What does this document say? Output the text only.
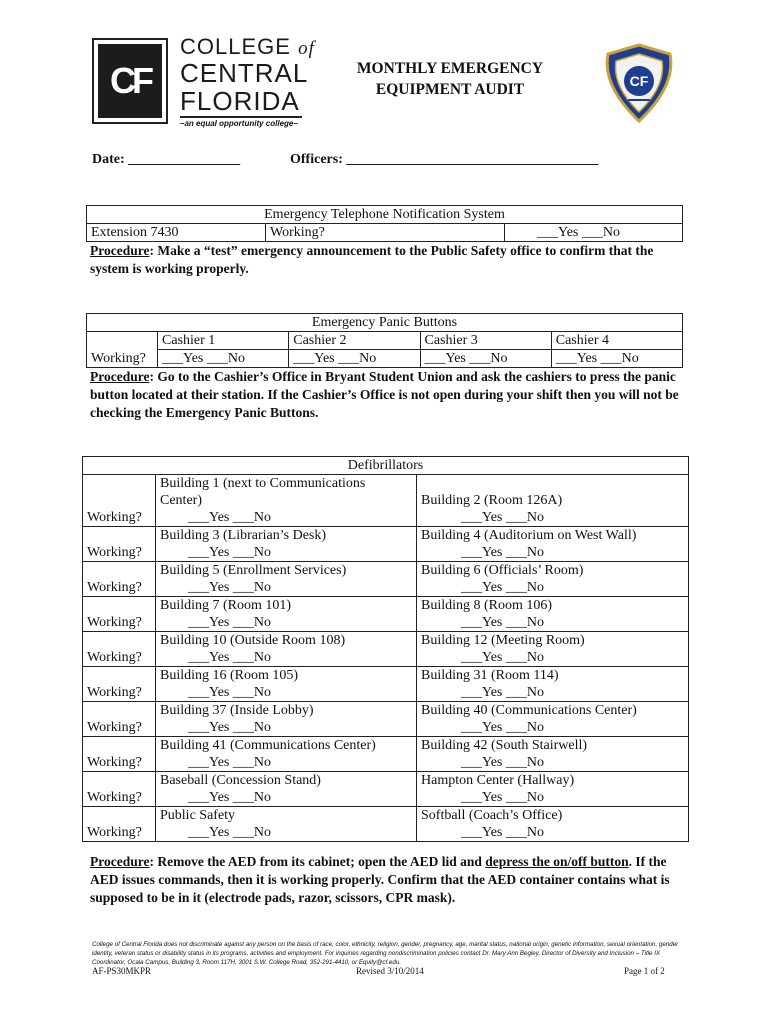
CF
COLLEGE of
CENTRAL
FLORIDA
–an equal opportunity college–
MONTHLY EMERGENCY
EQUIPMENT AUDIT	CF
Date: ________________	Officers: ____________________________________
Emergency Telephone Notification System
Extension 7430	Working?	___Yes ___No
Procedure: Make a “test” emergency announcement to the Public Safety office to confirm that the system is working properly.
Emergency Panic Buttons				
	Cashier 1	Cashier 2	Cashier 3	Cashier 4
Working?	___Yes ___No	___Yes ___No	___Yes ___No	___Yes ___No
Procedure: Go to the Cashier’s Office in Bryant Student Union and ask the cashiers to press the panic button located at their station. If the Cashier’s Office is not open during your shift then you will not be checking the Emergency Panic Buttons.
Defibrillators		

	Building 1 (next to Communications
Center)	Building 2 (Room 126A)
Working?	___Yes ___No	___Yes ___No

	Building 3 (Librarian’s Desk)	Building 4 (Auditorium on West Wall)
Working?	___Yes ___No	___Yes ___No

	Building 5 (Enrollment Services)	Building 6 (Officials’ Room)
Working?	___Yes ___No	___Yes ___No

	Building 7 (Room 101)	Building 8 (Room 106)
Working?	___Yes ___No	___Yes ___No

	Building 10 (Outside Room 108)	Building 12 (Meeting Room)
Working?	___Yes ___No	___Yes ___No

	Building 16 (Room 105)	Building 31 (Room 114)
Working?	___Yes ___No	___Yes ___No

	Building 37 (Inside Lobby)	Building 40 (Communications Center)
Working?	___Yes ___No	___Yes ___No

	Building 41 (Communications Center)	Building 42 (South Stairwell)
Working?	___Yes ___No	___Yes ___No

	Baseball (Concession Stand)	Hampton Center (Hallway)
Working?	___Yes ___No	___Yes ___No

	Public Safety	Softball (Coach’s Office)
Working?	___Yes ___No	___Yes ___No
Procedure: Remove the AED from its cabinet; open the AED lid and depress the on/off button. If the AED issues commands, then it is working properly. Confirm that the AED container contains what is supposed to be in it (electrode pads, razor, scissors, CPR mask).
College of Central Florida does not discriminate against any person on the basis of race, color, ethnicity, religion, gender, pregnancy, age, marital status, national origin, genetic information, sexual orientation, gender identity, veteran status or disability status in its programs, activities and employment. For inquiries regarding nondiscrimination policies contact Dr. Mary Ann Begley, Director of Diversity and Inclusion – Title IX Coordinator, Ocala Campus, Building 3, Room 117H, 3001 S.W. College Road, 352-291-4410, or Equity@cf.edu.
AF-PS30MKPR	Revised 3/10/2014	Page 1 of 2
